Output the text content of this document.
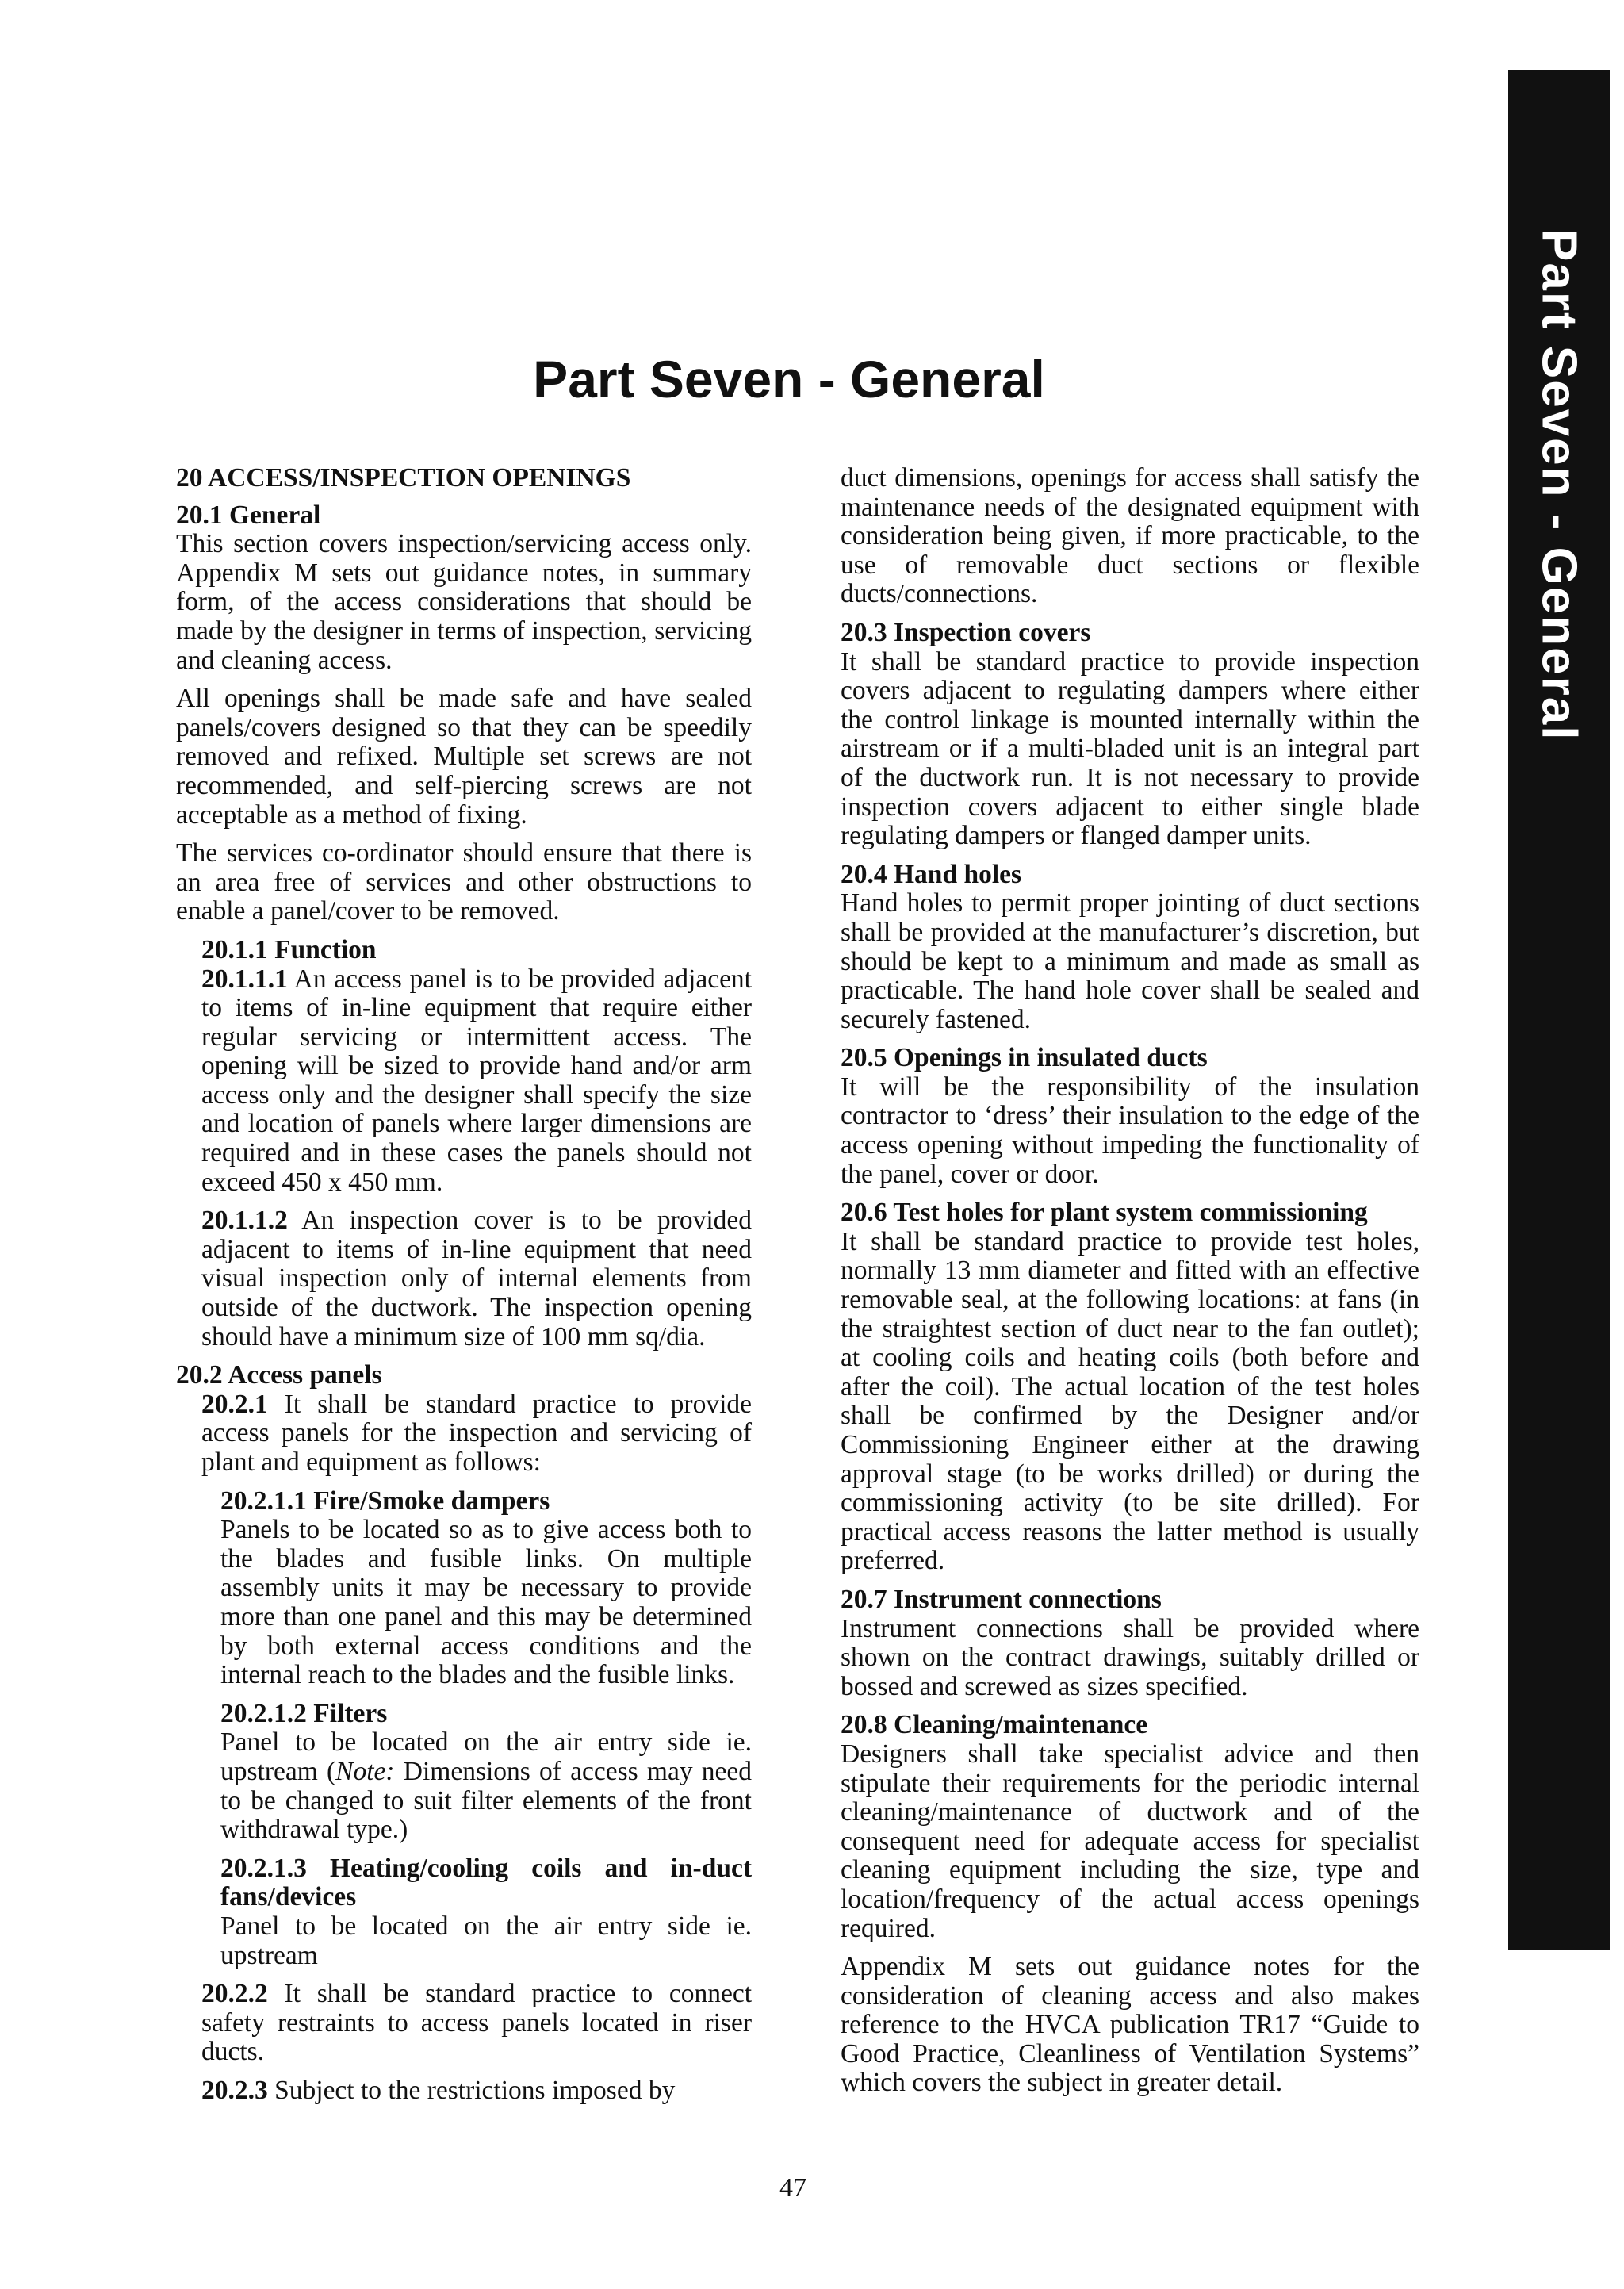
Part Seven - General
Part Seven - General

20 ACCESS/INSPECTION OPENINGS

20.1 General

This section covers inspection/servicing access only. Appendix M sets out guidance notes, in summary form, of the access considerations that should be made by the designer in terms of inspection, servicing and cleaning access.

All openings shall be made safe and have sealed panels/covers designed so that they can be speedily removed and refixed. Multiple set screws are not recommended, and self-piercing screws are not acceptable as a method of fixing.

The services co-ordinator should ensure that there is an area free of services and other obstructions to enable a panel/cover to be removed.

20.1.1 Function

20.1.1.1 An access panel is to be provided adjacent to items of in-line equipment that require either regular servicing or intermittent access. The opening will be sized to provide hand and/or arm access only and the designer shall specify the size and location of panels where larger dimensions are required and in these cases the panels should not exceed 450 x 450 mm.

20.1.1.2 An inspection cover is to be provided adjacent to items of in-line equipment that need visual inspection only of internal elements from outside of the ductwork. The inspection opening should have a minimum size of 100 mm sq/dia.

20.2 Access panels

20.2.1 It shall be standard practice to provide access panels for the inspection and servicing of plant and equipment as follows:

20.2.1.1 Fire/Smoke dampers

Panels to be located so as to give access both to the blades and fusible links. On multiple assembly units it may be necessary to provide more than one panel and this may be determined by both external access conditions and the internal reach to the blades and the fusible links.

20.2.1.2 Filters

Panel to be located on the air entry side ie. upstream (Note: Dimensions of access may need to be changed to suit filter elements of the front withdrawal type.)

20.2.1.3 Heating/cooling coils and in-duct fans/devices

Panel to be located on the air entry side ie. upstream

20.2.2 It shall be standard practice to connect safety restraints to access panels located in riser ducts.

20.2.3 Subject to the restrictions imposed by

duct dimensions, openings for access shall satisfy the maintenance needs of the designated equipment with consideration being given, if more practicable, to the use of removable duct sections or flexible ducts/connections.

20.3 Inspection covers

It shall be standard practice to provide inspection covers adjacent to regulating dampers where either the control linkage is mounted internally within the airstream or if a multi-bladed unit is an integral part of the ductwork run. It is not necessary to provide inspection covers adjacent to either single blade regulating dampers or flanged damper units.

20.4 Hand holes

Hand holes to permit proper jointing of duct sections shall be provided at the manufacturer’s discretion, but should be kept to a minimum and made as small as practicable. The hand hole cover shall be sealed and securely fastened.

20.5 Openings in insulated ducts

It will be the responsibility of the insulation contractor to ‘dress’ their insulation to the edge of the access opening without impeding the functionality of the panel, cover or door.

20.6 Test holes for plant system commissioning

It shall be standard practice to provide test holes, normally 13 mm diameter and fitted with an effective removable seal, at the following locations: at fans (in the straightest section of duct near to the fan outlet); at cooling coils and heating coils (both before and after the coil). The actual location of the test holes shall be confirmed by the Designer and/or Commissioning Engineer either at the drawing approval stage (to be works drilled) or during the commissioning activity (to be site drilled). For practical access reasons the latter method is usually preferred.

20.7 Instrument connections

Instrument connections shall be provided where shown on the contract drawings, suitably drilled or bossed and screwed as sizes specified.

20.8 Cleaning/maintenance

Designers shall take specialist advice and then stipulate their requirements for the periodic internal cleaning/maintenance of ductwork and of the consequent need for adequate access for specialist cleaning equipment including the size, type and location/frequency of the actual access openings required.

Appendix M sets out guidance notes for the consideration of cleaning access and also makes reference to the HVCA publication TR17 “Guide to Good Practice, Cleanliness of Ventilation Systems” which covers the subject in greater detail.

47
